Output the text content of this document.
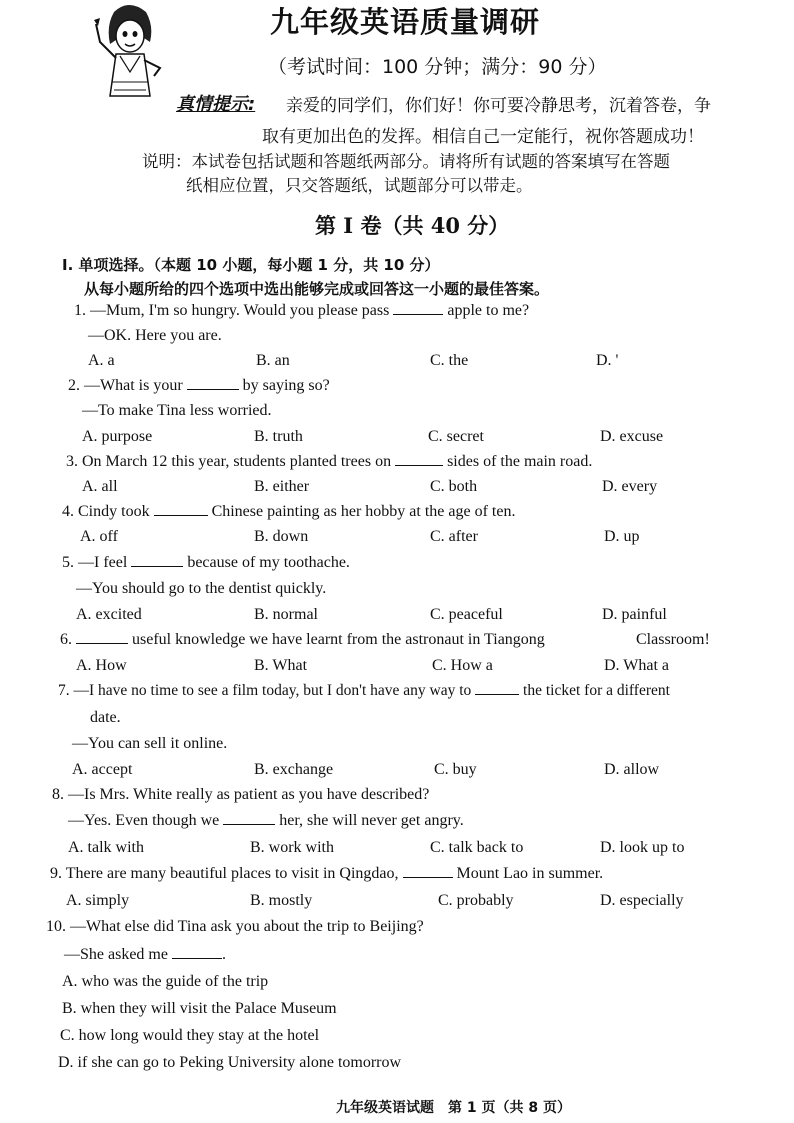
九年级英语质量调研
（考试时间：100 分钟；满分：90 分）
真情提示: 亲爱的同学们，你们好！你可要冷静思考，沉着答卷，争
取有更加出色的发挥。相信自己一定能行，祝你答题成功！
说明：本试卷包括试题和答题纸两部分。请将所有试题的答案填写在答题
纸相应位置，只交答题纸，试题部分可以带走。
第 I 卷（共 40 分）
I. 单项选择。（本题 10 小题，每小题 1 分，共 10 分）
从每小题所给的四个选项中选出能够完成或回答这一小题的最佳答案。
1. —Mum, I'm so hungry. Would you please pass	apple to me?
—OK. Here you are.
A. a	B. an	C. the	D. '
2. —What is your	by saying so?
—To make Tina less worried.
A. purpose	B. truth	C. secret	D. excuse
3. On March 12 this year, students planted trees on	sides of the main road.
A. all	B. either	C. both	D. every
4. Cindy took	Chinese painting as her hobby at the age of ten.
A. off	B. down	C. after	D. up
5. —I feel	because of my toothache.
—You should go to the dentist quickly.
A. excited	B. normal	C. peaceful	D. painful
6.	useful knowledge we have learnt from the astronaut in Tiangong	Classroom!
A. How	B. What	C. How a	D. What a
7. —I have no time to see a film today, but I don't have any way to	the ticket for a different
date.
—You can sell it online.
A. accept	B. exchange	C. buy	D. allow
8. —Is Mrs. White really as patient as you have described?
—Yes. Even though we	her, she will never get angry.
A. talk with	B. work with	C. talk back to	D. look up to
9. There are many beautiful places to visit in Qingdao,	Mount Lao in summer.
A. simply	B. mostly	C. probably	D. especially
10. —What else did Tina ask you about the trip to Beijing?
—She asked me	.
A. who was the guide of the trip
B. when they will visit the Palace Museum
C. how long would they stay at the hotel
D. if she can go to Peking University alone tomorrow
九年级英语试题　第 1 页（共 8 页）
